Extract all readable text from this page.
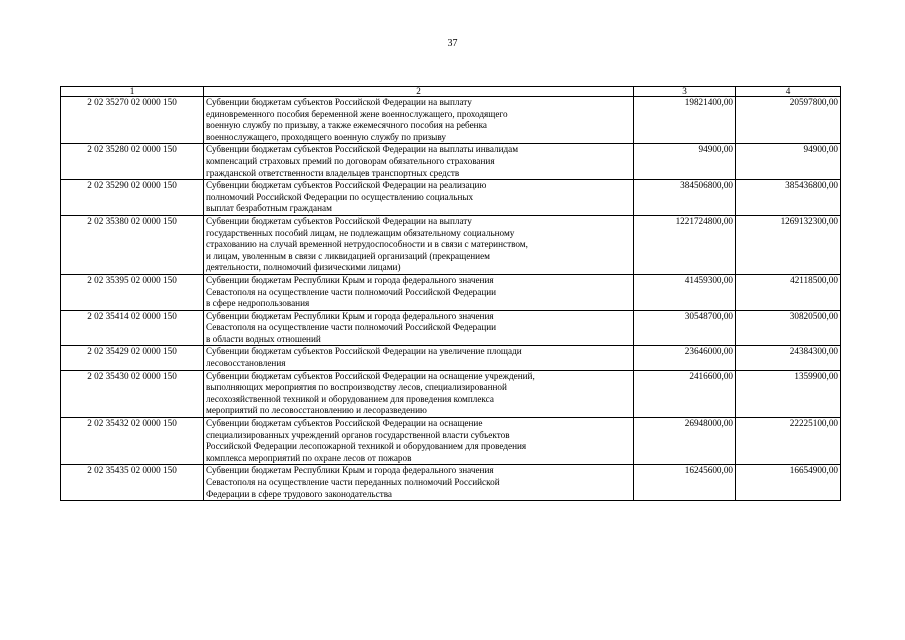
37
1	2	3	4
2 02 35270 02 0000 150	Субвенции бюджетам субъектов Российской Федерации на выплату
единовременного пособия беременной жене военнослужащего, проходящего
военную службу по призыву, а также ежемесячного пособия на ребенка
военнослужащего, проходящего военную службу по призыву	19821400,00	20597800,00
2 02 35280 02 0000 150	Субвенции бюджетам субъектов Российской Федерации на выплаты инвалидам
компенсаций страховых премий по договорам обязательного страхования
гражданской ответственности владельцев транспортных средств	94900,00	94900,00
2 02 35290 02 0000 150	Субвенции бюджетам субъектов Российской Федерации на реализацию
полномочий Российской Федерации по осуществлению социальных
выплат безработным гражданам	384506800,00	385436800,00
2 02 35380 02 0000 150	Субвенции бюджетам субъектов Российской Федерации на выплату
государственных пособий лицам, не подлежащим обязательному социальному
страхованию на случай временной нетрудоспособности и в связи с материнством,
и лицам, уволенным в связи с ликвидацией организаций (прекращением
деятельности, полномочий физическими лицами)	1221724800,00	1269132300,00
2 02 35395 02 0000 150	Субвенции бюджетам Республики Крым и города федерального значения
Севастополя на осуществление части полномочий Российской Федерации
в сфере недропользования	41459300,00	42118500,00
2 02 35414 02 0000 150	Субвенции бюджетам Республики Крым и города федерального значения
Севастополя на осуществление части полномочий Российской Федерации
в области водных отношений	30548700,00	30820500,00
2 02 35429 02 0000 150	Субвенции бюджетам субъектов Российской Федерации на увеличение площади
лесовосстановления	23646000,00	24384300,00
2 02 35430 02 0000 150	Субвенции бюджетам субъектов Российской Федерации на оснащение учреждений,
выполняющих мероприятия по воспроизводству лесов, специализированной
лесохозяйственной техникой и оборудованием для проведения комплекса
мероприятий по лесовосстановлению и лесоразведению	2416600,00	1359900,00
2 02 35432 02 0000 150	Субвенции бюджетам субъектов Российской Федерации на оснащение
специализированных учреждений органов государственной власти субъектов
Российской Федерации лесопожарной техникой и оборудованием для проведения
комплекса мероприятий по охране лесов от пожаров	26948000,00	22225100,00
2 02 35435 02 0000 150	Субвенции бюджетам Республики Крым и города федерального значения
Севастополя на осуществление части переданных полномочий Российской
Федерации в сфере трудового законодательства	16245600,00	16654900,00
